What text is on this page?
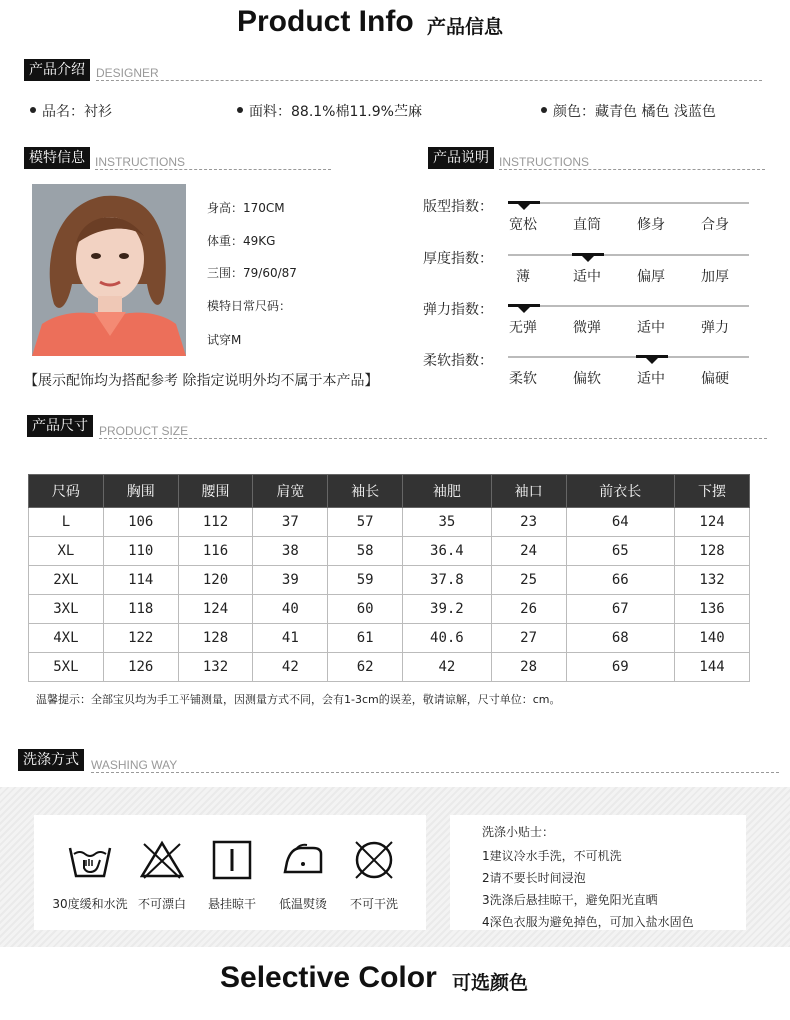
Product Info 产品信息
产品介绍 DESIGNER
品名：衬衫	面料：88.1%棉11.9%苎麻	颜色：藏青色 橘色 浅蓝色
模特信息 INSTRUCTIONS
身高：170CM
体重：49KG
三围：79/60/87
模特日常尺码：
试穿M
【展示配饰均为搭配参考 除指定说明外均不属于本产品】
产品说明 INSTRUCTIONS
版型指数：
宽松	直筒	修身	合身
厚度指数：
薄	适中	偏厚	加厚
弹力指数：
无弹	微弹	适中	弹力
柔软指数：
柔软	偏软	适中	偏硬
产品尺寸 PRODUCT SIZE
尺码	胸围	腰围	肩宽	袖长	袖肥	袖口	前衣长	下摆
L	106	112	37	57	35	23	64	124
XL	110	116	38	58	36.4	24	65	128
2XL	114	120	39	59	37.8	25	66	132
3XL	118	124	40	60	39.2	26	67	136
4XL	122	128	41	61	40.6	27	68	140
5XL	126	132	42	62	42	28	69	144
温馨提示：全部宝贝均为手工平铺测量，因测量方式不同，会有1-3cm的误差，敬请谅解，尺寸单位：cm。
洗涤方式	WASHING WAY
30度缓和水洗 不可漂白	悬挂晾干	低温熨烫	不可干洗
洗涤小贴士：
1建议冷水手洗，不可机洗
2请不要长时间浸泡
3洗涤后悬挂晾干，避免阳光直晒
4深色衣服为避免掉色，可加入盐水固色
Selective Color 可选颜色
